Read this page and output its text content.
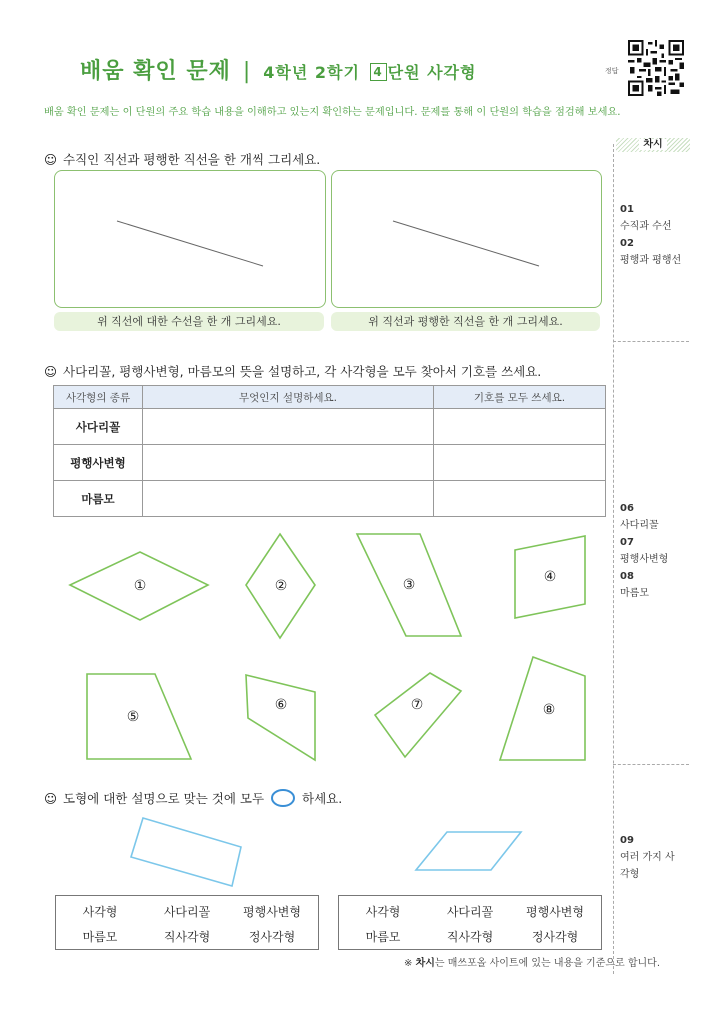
배움 확인 문제 | 4학년 2학기 4 단원 사각형	정답
배움 확인 문제는 이 단원의 주요 학습 내용을 이해하고 있는지 확인하는 문제입니다. 문제를 통해 이 단원의 학습을 점검해 보세요.
차시
01
수직과 수선
02
평행과 평행선
06
사다리꼴
07
평행사변형
08
마름모
09
여러 가지 사각형
☺ 수직인 직선과 평행한 직선을 한 개씩 그리세요.
위 직선에 대한 수선을 한 개 그리세요.	위 직선과 평행한 직선을 한 개 그리세요.
☺ 사다리꼴, 평행사변형, 마름모의 뜻을 설명하고, 각 사각형을 모두 찾아서 기호를 쓰세요.
사각형의 종류	무엇인지 설명하세요.	기호를 모두 쓰세요.
사다리꼴		
평행사변형		
마름모		
①	②	③	④
⑤
⑥	⑦	⑧
☺ 도형에 대한 설명으로 맞는 것에 모두 ○ 하세요.
사각형	사다리꼴	평행사변형
마름모	직사각형	정사각형
사각형	사다리꼴	평행사변형
마름모	직사각형	정사각형
※ 차시는 매쓰포올 사이트에 있는 내용을 기준으로 합니다.
